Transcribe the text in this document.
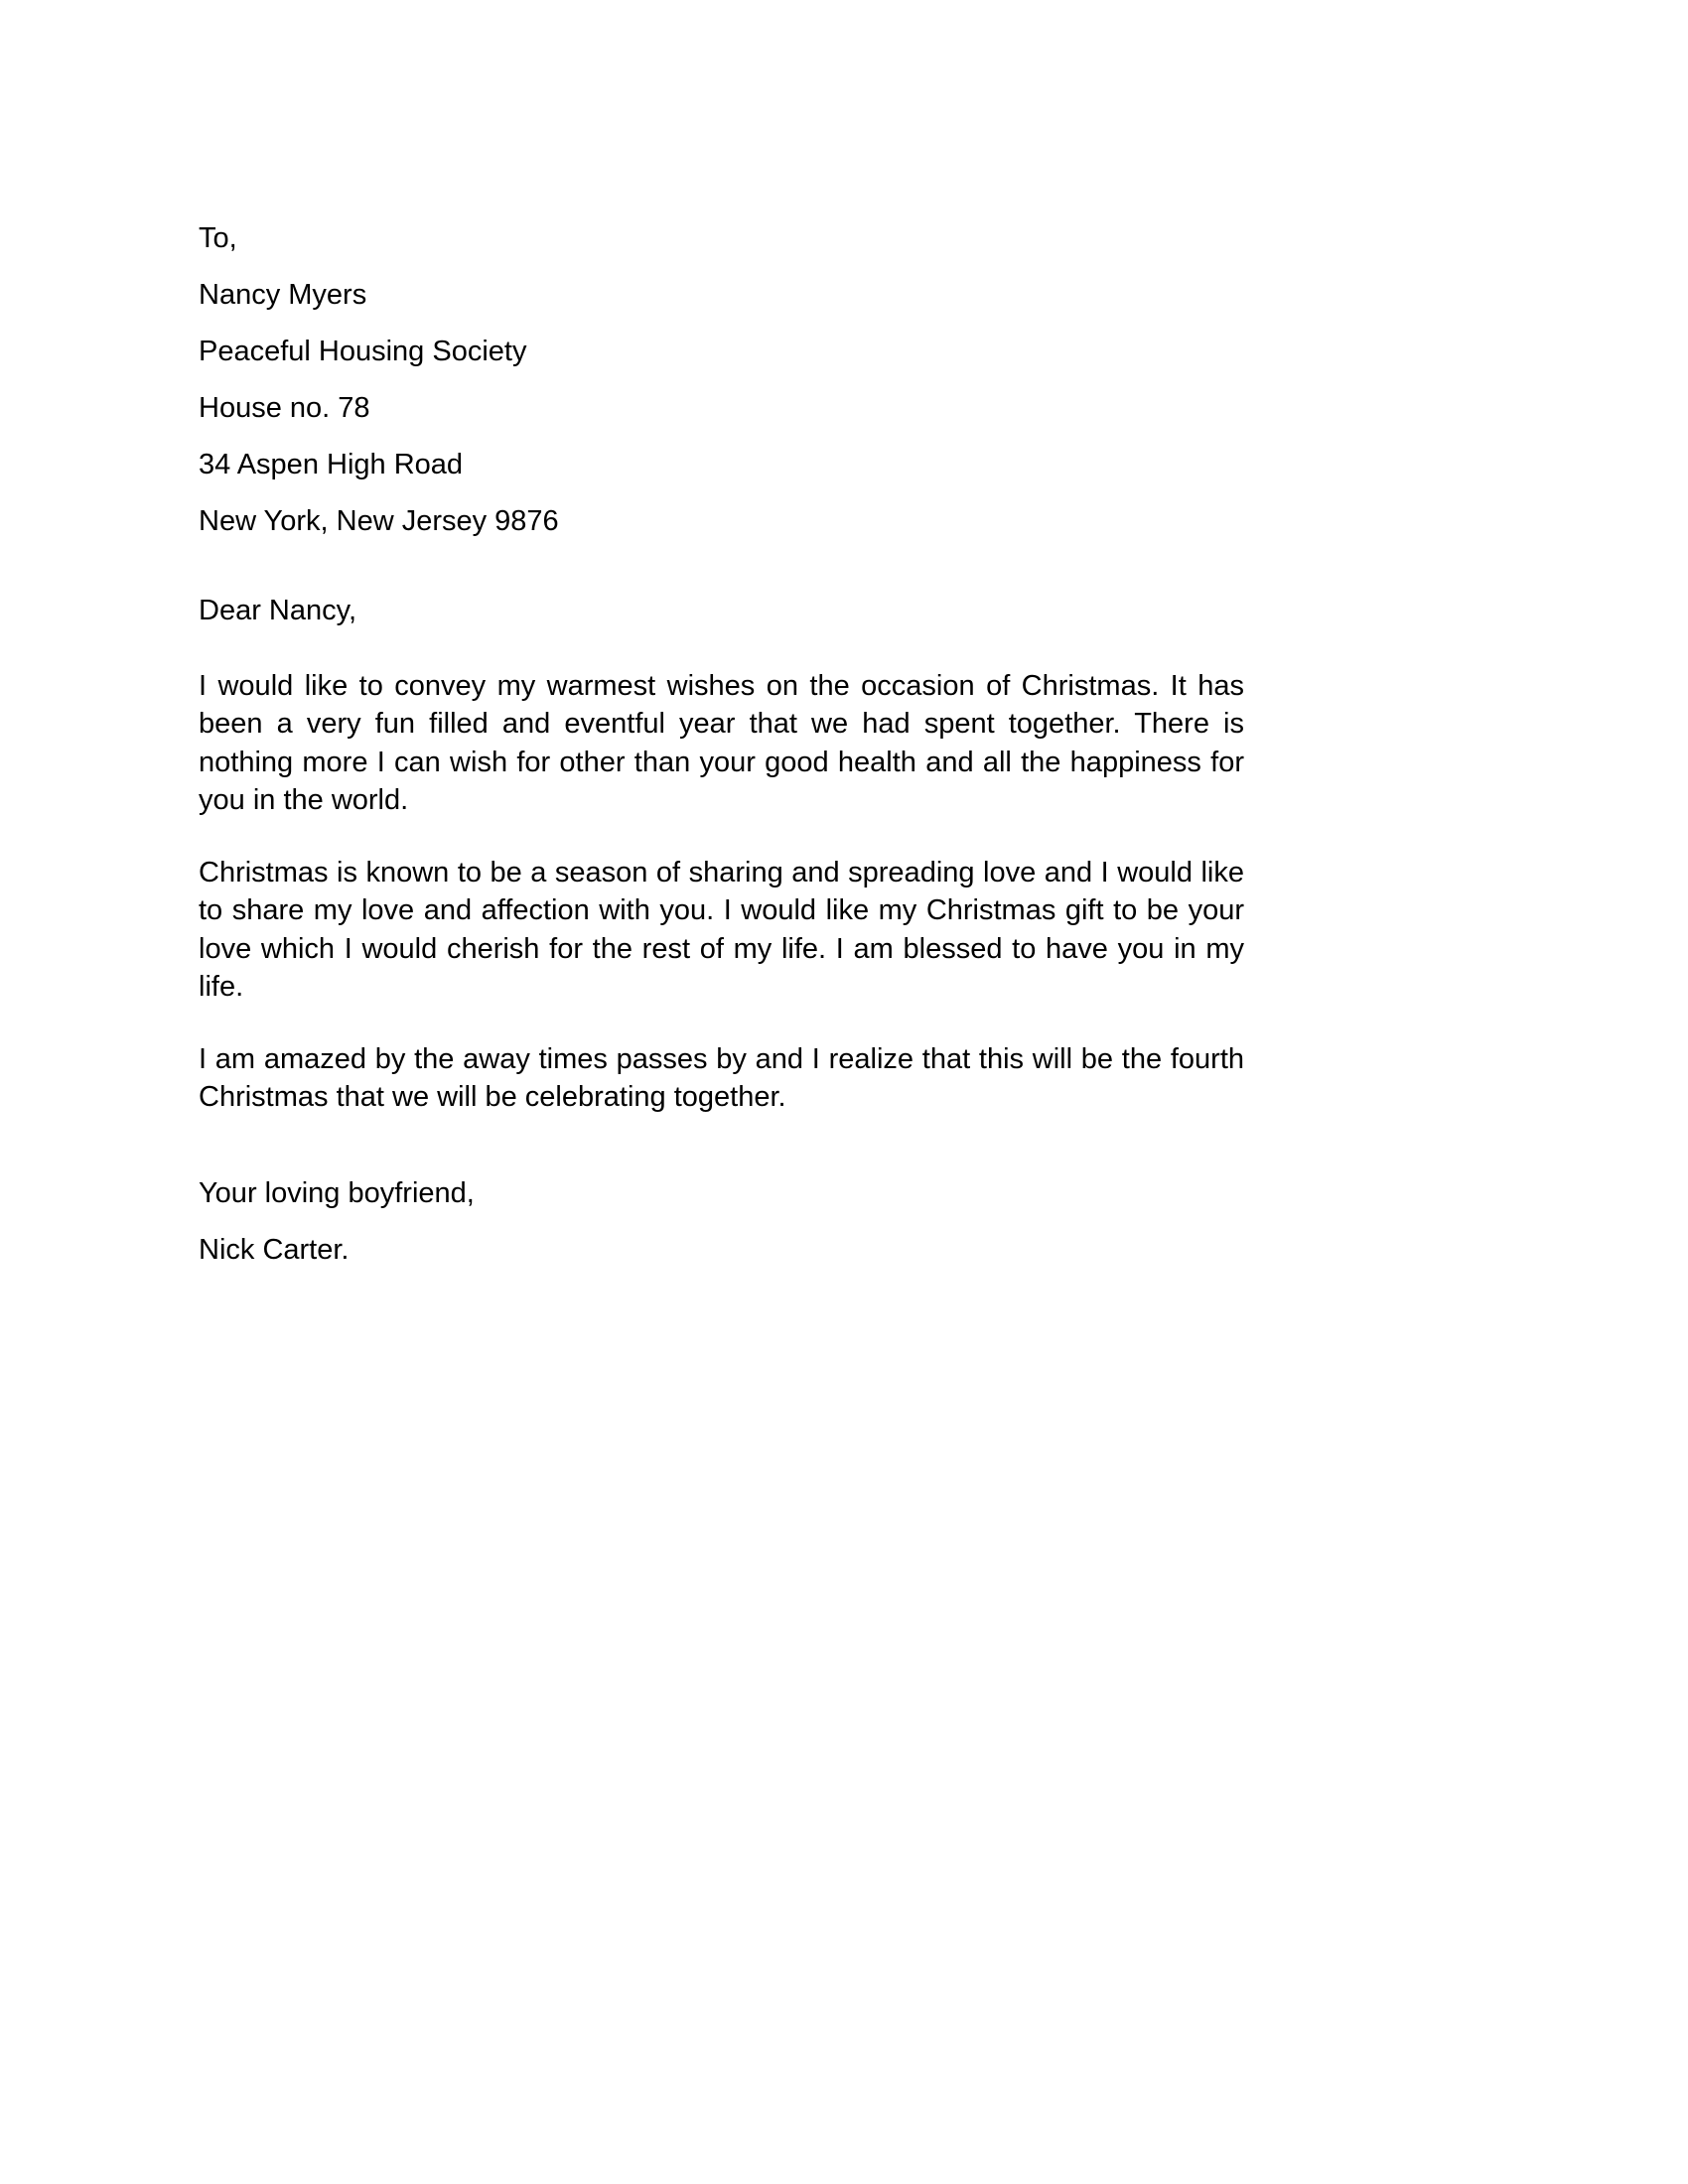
To,
Nancy Myers
Peaceful Housing Society
House no. 78
34 Aspen High Road
New York, New Jersey 9876
Dear Nancy,
I would like to convey my warmest wishes on the occasion of Christmas. It has been a very fun filled and eventful year that we had spent together. There is nothing more I can wish for other than your good health and all the happiness for you in the world.
Christmas is known to be a season of sharing and spreading love and I would like to share my love and affection with you. I would like my Christmas gift to be your love which I would cherish for the rest of my life. I am blessed to have you in my life.
I am amazed by the away times passes by and I realize that this will be the fourth Christmas that we will be celebrating together.
Your loving boyfriend,
Nick Carter.
